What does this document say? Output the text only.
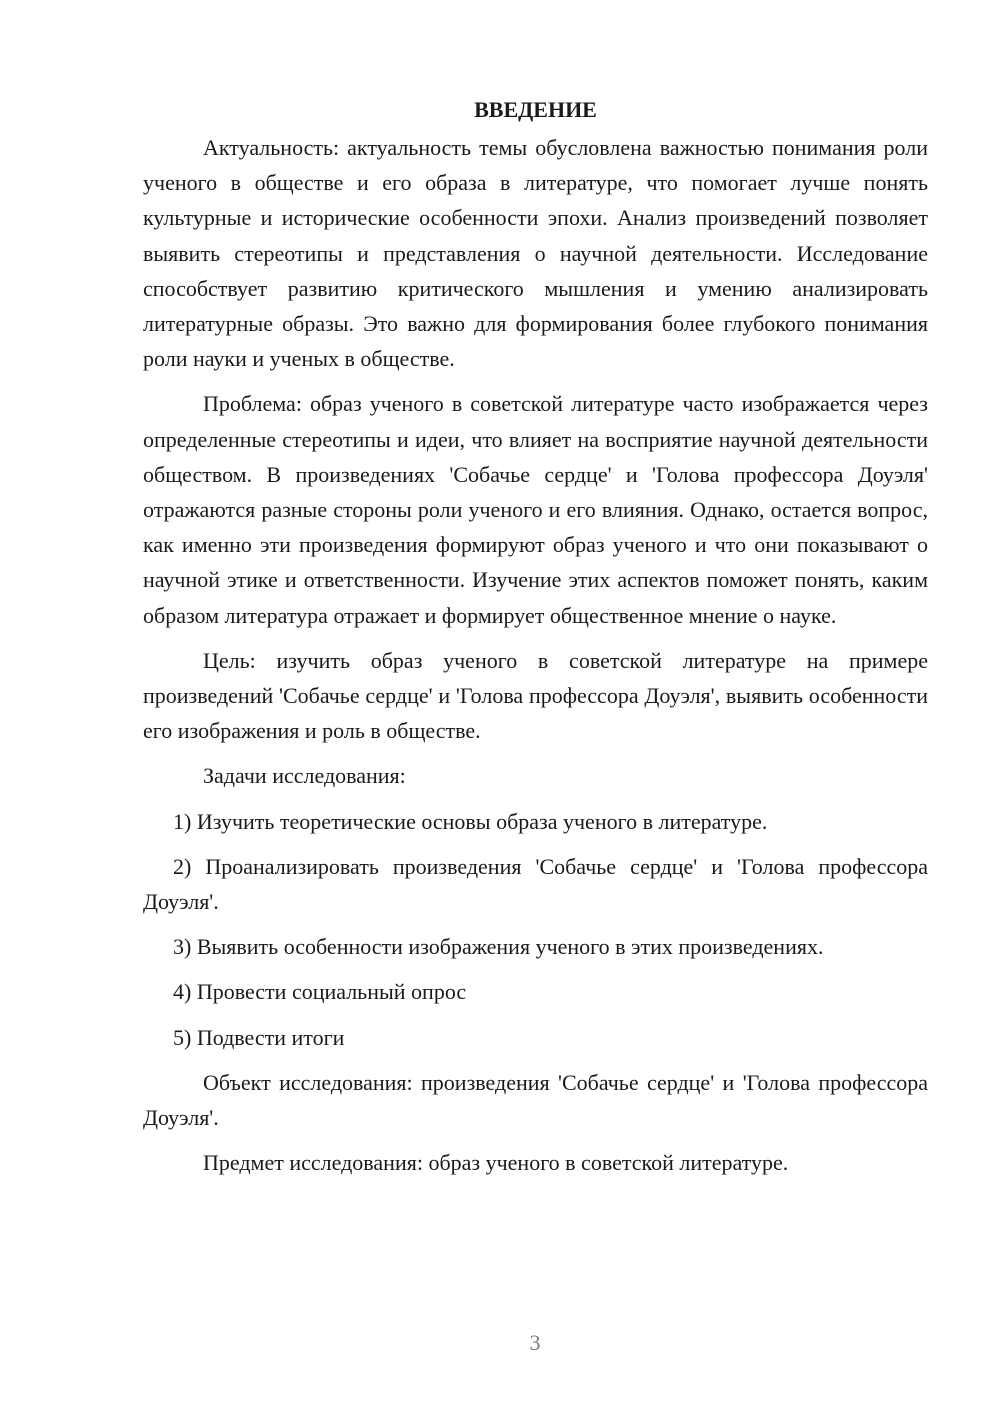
ВВЕДЕНИЕ

Актуальность: актуальность темы обусловлена важностью понимания роли ученого в обществе и его образа в литературе, что помогает лучше понять культурные и исторические особенности эпохи. Анализ произведений позволяет выявить стереотипы и представления о научной деятельности. Исследование способствует развитию критического мышления и умению анализировать литературные образы. Это важно для формирования более глубокого понимания роли науки и ученых в обществе.

Проблема: образ ученого в советской литературе часто изображается через определенные стереотипы и идеи, что влияет на восприятие научной деятельности обществом. В произведениях 'Собачье сердце' и 'Голова профессора Доуэля' отражаются разные стороны роли ученого и его влияния. Однако, остается вопрос, как именно эти произведения формируют образ ученого и что они показывают о научной этике и ответственности. Изучение этих аспектов поможет понять, каким образом литература отражает и формирует общественное мнение о науке.

Цель: изучить образ ученого в советской литературе на примере произведений 'Собачье сердце' и 'Голова профессора Доуэля', выявить особенности его изображения и роль в обществе.

Задачи исследования:

1) Изучить теоретические основы образа ученого в литературе.

2) Проанализировать произведения 'Собачье сердце' и 'Голова профессора Доуэля'.

3) Выявить особенности изображения ученого в этих произведениях.

4) Провести социальный опрос

5) Подвести итоги

Объект исследования: произведения 'Собачье сердце' и 'Голова профессора Доуэля'.

Предмет исследования: образ ученого в советской литературе.

3
